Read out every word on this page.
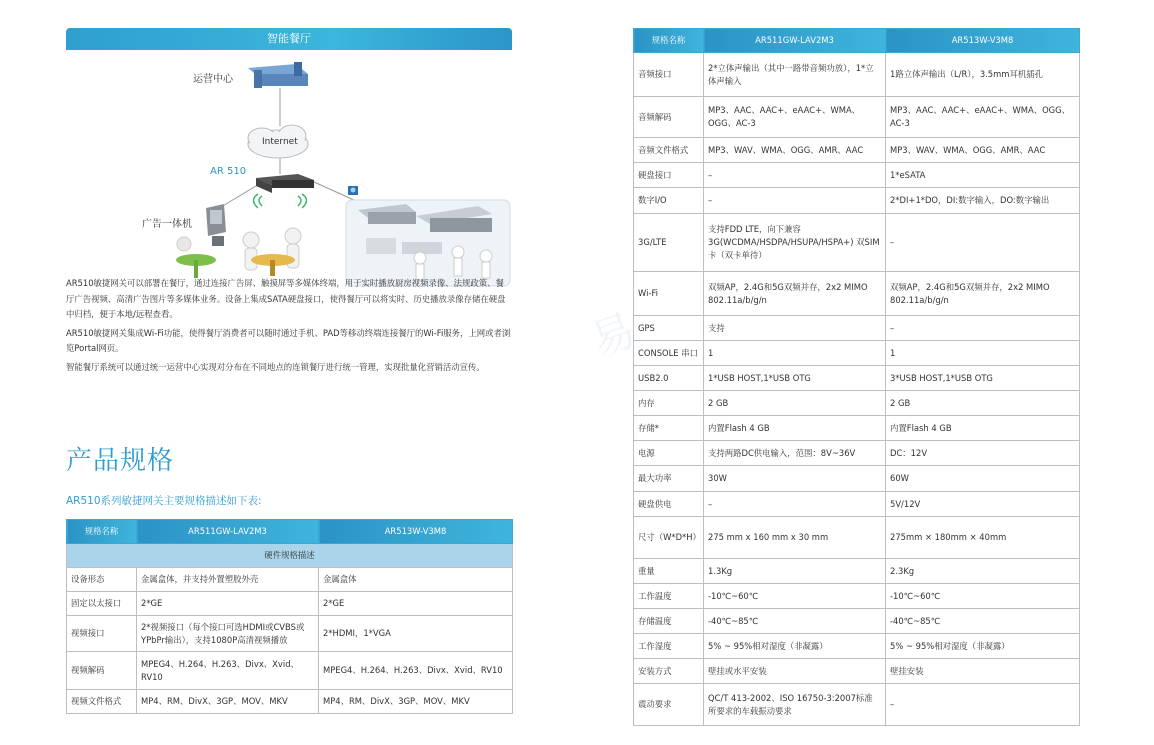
易
智能餐厅
运营中心
Internet
AR 510
广告一体机

AR510敏捷网关可以部署在餐厅，通过连接广告屏、触摸屏等多媒体终端，用于实时播放厨房视频录像、法规政策、餐厅广告视频、高清广告图片等多媒体业务。设备上集成SATA硬盘接口，使得餐厅可以将实时、历史播放录像存储在硬盘中归档，便于本地/远程查看。

AR510敏捷网关集成Wi-Fi功能，使得餐厅消费者可以随时通过手机、PAD等移动终端连接餐厅的Wi-Fi服务，上网或者浏览Portal网页。

智能餐厅系统可以通过统一运营中心实现对分布在不同地点的连锁餐厅进行统一管理，实现批量化营销活动宣传。

产品规格
AR510系列敏捷网关主要规格描述如下表:
规格名称	AR511GW-LAV2M3	AR513W-V3M8
硬件规格描述		
设备形态	金属盒体，并支持外置塑胶外壳	金属盒体
固定以太接口	2*GE	2*GE
视频接口	2*视频接口（每个接口可选HDMI或CVBS或YPbPr输出），支持1080P高清视频播放	2*HDMI，1*VGA
视频解码	MPEG4、H.264、H.263、Divx、Xvid、RV10	MPEG4、H.264、H.263、Divx、Xvid、RV10
视频文件格式	MP4、RM、DivX、3GP、MOV、MKV	MP4、RM、DivX、3GP、MOV、MKV
规格名称	AR511GW-LAV2M3	AR513W-V3M8
音频接口	2*立体声输出（其中一路带音频功放），1*立体声输入	1路立体声输出（L/R），3.5mm耳机插孔
音频解码	MP3、AAC、AAC+、eAAC+、WMA、OGG、AC-3	MP3、AAC、AAC+、eAAC+、WMA、OGG、AC-3
音频文件格式	MP3、WAV、WMA、OGG、AMR、AAC	MP3、WAV、WMA、OGG、AMR、AAC
硬盘接口	–	1*eSATA
数字I/O	–	2*DI+1*DO，DI:数字输入，DO:数字输出
3G/LTE	支持FDD LTE，向下兼容3G(WCDMA/HSDPA/HSUPA/HSPA+) 双SIM卡（双卡单待）	–
Wi-Fi	双频AP，2.4G和5G双频并存，2x2 MIMO 802.11a/b/g/n	双频AP，2.4G和5G双频并存，2x2 MIMO 802.11a/b/g/n
GPS	支持	–
CONSOLE 串口	1	1
USB2.0	1*USB HOST,1*USB OTG	3*USB HOST,1*USB OTG
内存	2 GB	2 GB
存储*	内置Flash 4 GB	内置Flash 4 GB
电源	支持两路DC供电输入，范围：8V~36V	DC：12V
最大功率	30W	60W
硬盘供电	–	5V/12V
尺寸（W*D*H）	275 mm x 160 mm x 30 mm	275mm × 180mm × 40mm
重量	1.3Kg	2.3Kg
工作温度	-10℃~60℃	-10℃~60℃
存储温度	-40℃~85℃	-40℃~85℃
工作湿度	5% ~ 95%相对湿度（非凝露）	5% ~ 95%相对湿度（非凝露）
安装方式	壁挂或水平安装	壁挂安装
震动要求	QC/T 413-2002、ISO 16750-3:2007标准所要求的车载振动要求	–
